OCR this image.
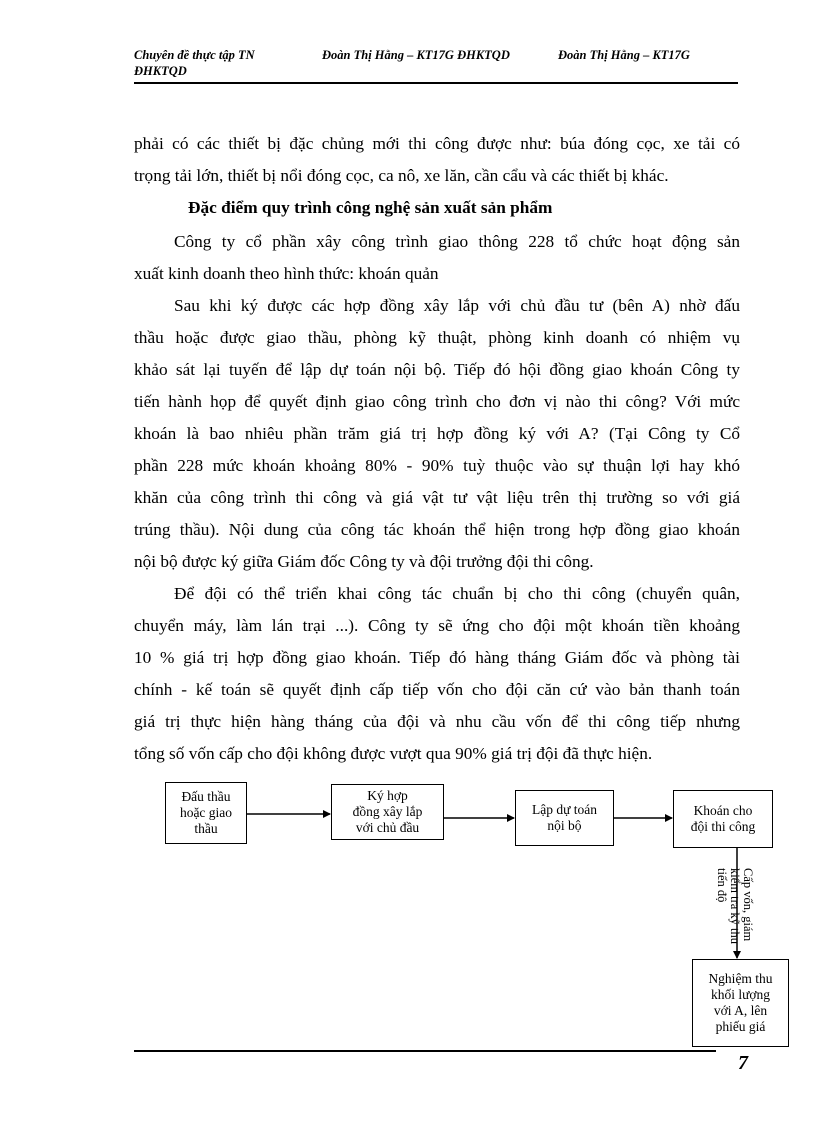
Chuyên đề thực tập TN
ĐHKTQD
Đoàn Thị Hằng – KT17G ĐHKTQD	Đoàn Thị Hằng – KT17G
phải có các thiết bị đặc chủng mới thi công được như: búa đóng cọc, xe tải có
trọng tải lớn, thiết bị nổi đóng cọc, ca nô, xe lăn, cần cẩu và các thiết bị khác.
Đặc điểm quy trình công nghệ sản xuất sản phẩm
Công ty cổ phần xây công trình giao thông 228 tổ chức hoạt động sản
xuất kinh doanh theo hình thức: khoán quản
Sau khi ký được các hợp đồng xây lắp với chủ đầu tư (bên A) nhờ đấu
thầu hoặc được giao thầu, phòng kỹ thuật, phòng kinh doanh có nhiệm vụ
khảo sát lại tuyến để lập dự toán nội bộ. Tiếp đó hội đồng giao khoán Công ty
tiến hành họp để quyết định giao công trình cho đơn vị nào thi công? Với mức
khoán là bao nhiêu phần trăm giá trị hợp đồng ký với A? (Tại Công ty Cổ
phần 228 mức khoán khoảng 80% - 90% tuỳ thuộc vào sự thuận lợi hay khó
khăn của công trình thi công và giá vật tư vật liệu trên thị trường so với giá
trúng thầu). Nội dung của công tác khoán thể hiện trong hợp đồng giao khoán
nội bộ được ký giữa Giám đốc Công ty và đội trưởng đội thi công.
Để đội có thể triển khai công tác chuẩn bị cho thi công (chuyển quân,
chuyển máy, làm lán trại ...). Công ty sẽ ứng cho đội một khoán tiền khoảng
10 % giá trị hợp đồng giao khoán. Tiếp đó hàng tháng Giám đốc và phòng tài
chính - kế toán sẽ quyết định cấp tiếp vốn cho đội căn cứ vào bản thanh toán
giá trị thực hiện hàng tháng của đội và nhu cầu vốn để thi công tiếp nhưng
tổng số vốn cấp cho đội không được vượt qua 90% giá trị đội đã thực hiện.
Đấu thầu
hoặc giao
thầu
Ký hợp
đồng xây lắp
với chủ đầu
Lập dự toán
nội bộ
Khoán cho
đội thi công
Nghiệm thu
khối lượng
với A, lên
phiếu giá
Cấp vốn, giám
kiểm tra kỹ thu
tiến độ
7
